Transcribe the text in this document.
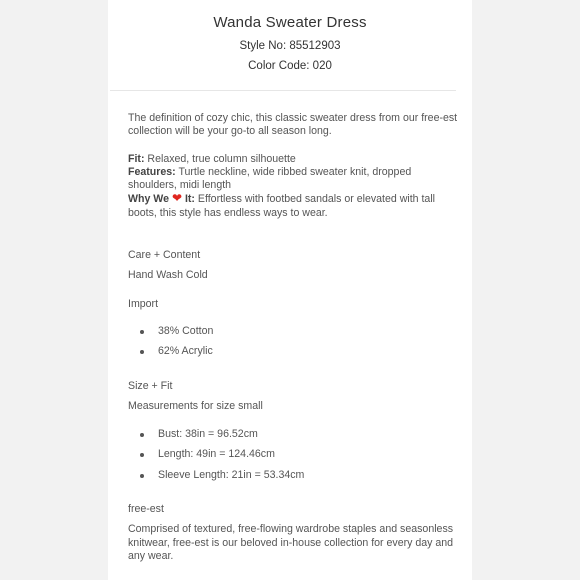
Wanda Sweater Dress
Style No: 85512903
Color Code: 020

The definition of cozy chic, this classic sweater dress from our free-est collection will be your go-to all season long.

Fit: Relaxed, true column silhouette

Features: Turtle neckline, wide ribbed sweater knit, dropped shoulders, midi length

Why We ❤ It: Effortless with footbed sandals or elevated with tall boots, this style has endless ways to wear.

Care + Content

Hand Wash Cold

Import

38% Cotton
62% Acrylic

Size + Fit

Measurements for size small

Bust: 38in = 96.52cm
Length: 49in = 124.46cm
Sleeve Length: 21in = 53.34cm

free-est

Comprised of textured, free-flowing wardrobe staples and seasonless knitwear, free-est is our beloved in-house collection for every day and any wear.
